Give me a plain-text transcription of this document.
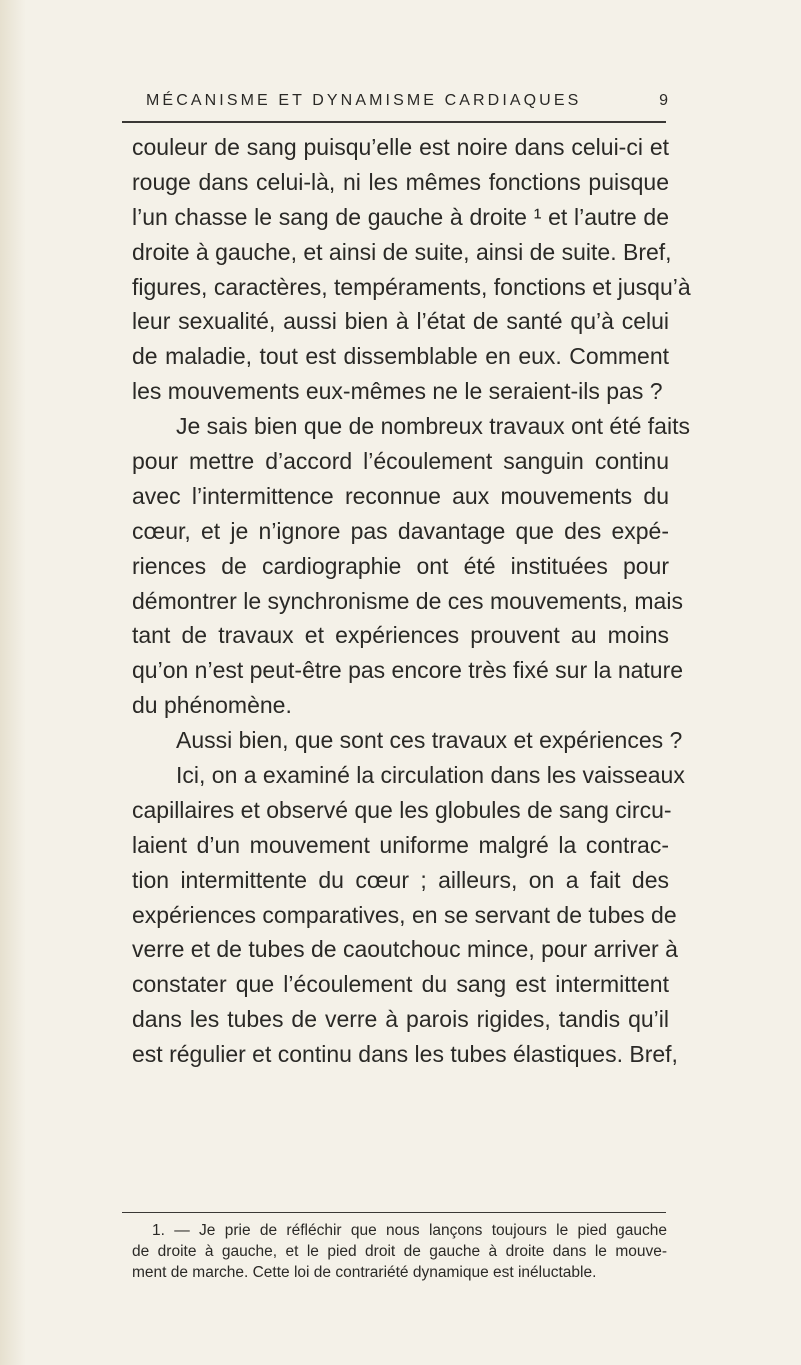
MÉCANISME ET DYNAMISME CARDIAQUES	9
couleur de sang puisqu’elle est noire dans celui-ci et
rouge dans celui-là, ni les mêmes fonctions puisque
l’un chasse le sang de gauche à droite ¹ et l’autre de
droite à gauche, et ainsi de suite, ainsi de suite. Bref,
figures, caractères, tempéraments, fonctions et jusqu’à
leur sexualité, aussi bien à l’état de santé qu’à celui
de maladie, tout est dissemblable en eux. Comment
les mouvements eux-mêmes ne le seraient-ils pas ?
Je sais bien que de nombreux travaux ont été faits
pour mettre d’accord l’écoulement sanguin continu
avec l’intermittence reconnue aux mouvements du
cœur, et je n’ignore pas davantage que des expé-
riences de cardiographie ont été instituées pour
démontrer le synchronisme de ces mouvements, mais
tant de travaux et expériences prouvent au moins
qu’on n’est peut-être pas encore très fixé sur la nature
du phénomène.
Aussi bien, que sont ces travaux et expériences ?
Ici, on a examiné la circulation dans les vaisseaux
capillaires et observé que les globules de sang circu-
laient d’un mouvement uniforme malgré la contrac-
tion intermittente du cœur ; ailleurs, on a fait des
expériences comparatives, en se servant de tubes de
verre et de tubes de caoutchouc mince, pour arriver à
constater que l’écoulement du sang est intermittent
dans les tubes de verre à parois rigides, tandis qu’il
est régulier et continu dans les tubes élastiques. Bref,
1. — Je prie de réfléchir que nous lançons toujours le pied gauche
de droite à gauche, et le pied droit de gauche à droite dans le mouve-
ment de marche. Cette loi de contrariété dynamique est inéluctable.
